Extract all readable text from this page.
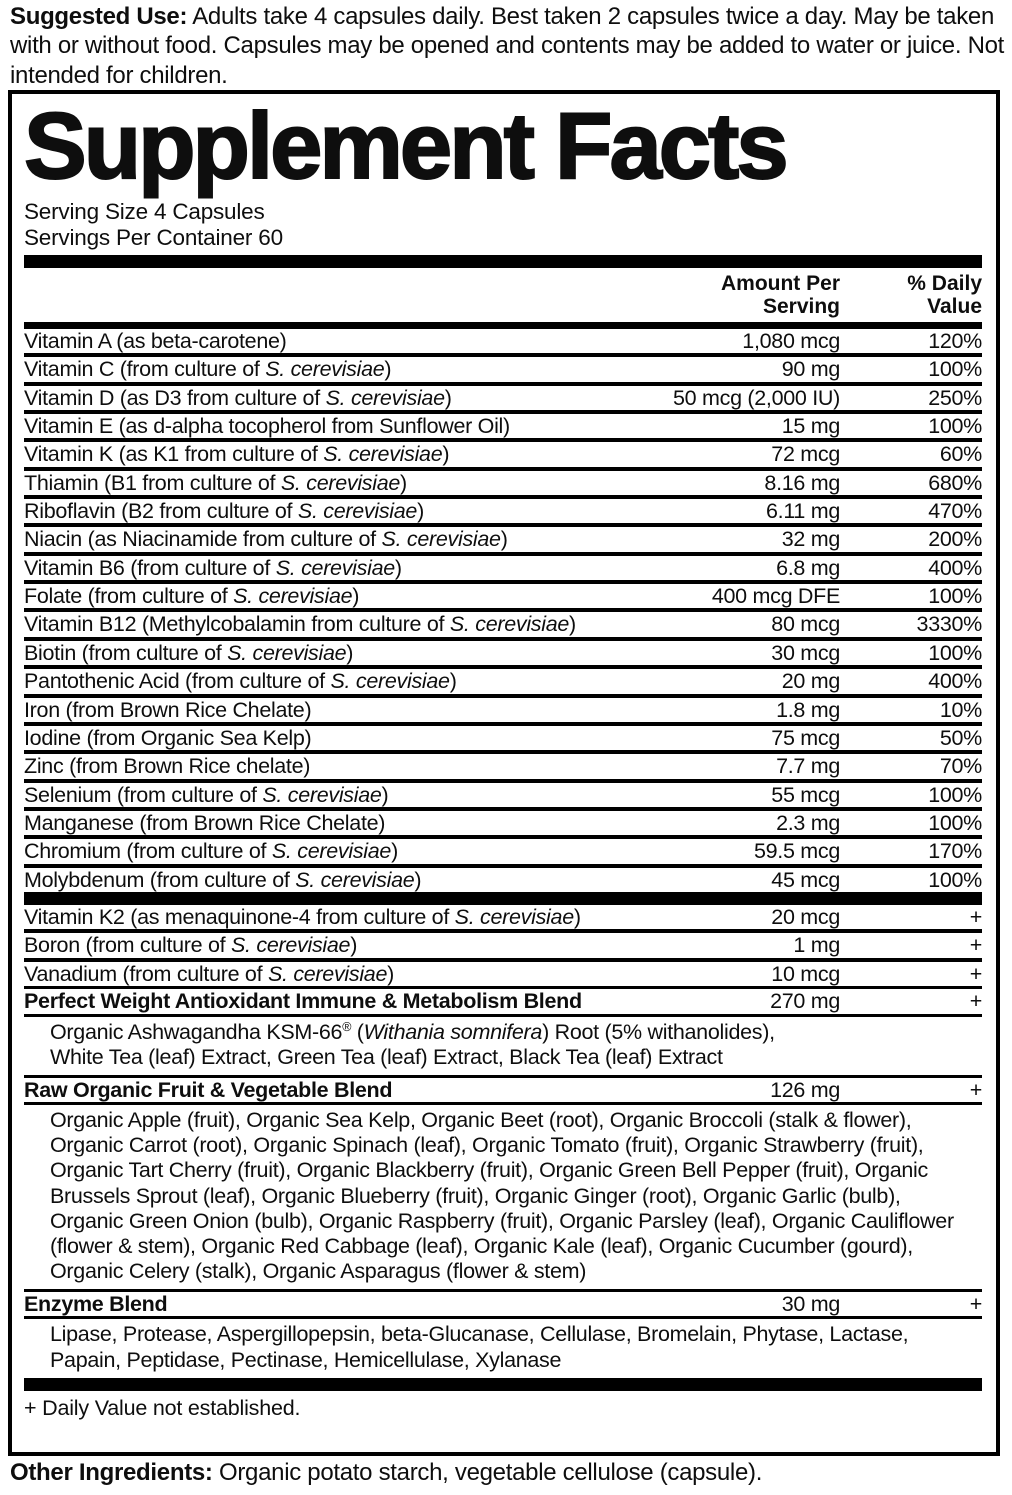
Suggested Use: Adults take 4 capsules daily. Best taken 2 capsules twice a day. May be taken with or without food. Capsules may be opened and contents may be added to water or juice. Not intended for children.

Supplement Facts
Serving Size 4 Capsules
Servings Per Container 60
Amount Per
Serving
% Daily
Value
Vitamin A (as beta-carotene)	1,080 mcg	120%
Vitamin C (from culture of S. cerevisiae)	90 mg	100%
Vitamin D (as D3 from culture of S. cerevisiae)	50 mcg (2,000 IU)	250%
Vitamin E (as d-alpha tocopherol from Sunflower Oil)	15 mg	100%
Vitamin K (as K1 from culture of S. cerevisiae)	72 mcg	60%
Thiamin (B1 from culture of S. cerevisiae)	8.16 mg	680%
Riboflavin (B2 from culture of S. cerevisiae)	6.11 mg	470%
Niacin (as Niacinamide from culture of S. cerevisiae)	32 mg	200%
Vitamin B6 (from culture of S. cerevisiae)	6.8 mg	400%
Folate (from culture of S. cerevisiae)	400 mcg DFE	100%
Vitamin B12 (Methylcobalamin from culture of S. cerevisiae)	80 mcg	3330%
Biotin (from culture of S. cerevisiae)	30 mcg	100%
Pantothenic Acid (from culture of S. cerevisiae)	20 mg	400%
Iron (from Brown Rice Chelate)	1.8 mg	10%
Iodine (from Organic Sea Kelp)	75 mcg	50%
Zinc (from Brown Rice chelate)	7.7 mg	70%
Selenium (from culture of S. cerevisiae)	55 mcg	100%
Manganese (from Brown Rice Chelate)	2.3 mg	100%
Chromium (from culture of S. cerevisiae)	59.5 mcg	170%
Molybdenum (from culture of S. cerevisiae)	45 mcg	100%
Vitamin K2 (as menaquinone-4 from culture of S. cerevisiae)	20 mcg	+
Boron (from culture of S. cerevisiae)	1 mg	+
Vanadium (from culture of S. cerevisiae)	10 mcg	+
Perfect Weight Antioxidant Immune & Metabolism Blend	270 mg	+
Organic Ashwagandha KSM-66® (Withania somnifera) Root (5% withanolides),
White Tea (leaf) Extract, Green Tea (leaf) Extract, Black Tea (leaf) Extract
Raw Organic Fruit & Vegetable Blend	126 mg	+
Organic Apple (fruit), Organic Sea Kelp, Organic Beet (root), Organic Broccoli (stalk & flower), Organic Carrot (root), Organic Spinach (leaf), Organic Tomato (fruit), Organic Strawberry (fruit), Organic Tart Cherry (fruit), Organic Blackberry (fruit), Organic Green Bell Pepper (fruit), Organic Brussels Sprout (leaf), Organic Blueberry (fruit), Organic Ginger (root), Organic Garlic (bulb), Organic Green Onion (bulb), Organic Raspberry (fruit), Organic Parsley (leaf), Organic Cauliflower (flower & stem), Organic Red Cabbage (leaf), Organic Kale (leaf), Organic Cucumber (gourd), Organic Celery (stalk), Organic Asparagus (flower & stem)
Enzyme Blend	30 mg	+
Lipase, Protease, Aspergillopepsin, beta-Glucanase, Cellulase, Bromelain, Phytase, Lactase, Papain, Peptidase, Pectinase, Hemicellulase, Xylanase
+ Daily Value not established.

Other Ingredients: Organic potato starch, vegetable cellulose (capsule).
